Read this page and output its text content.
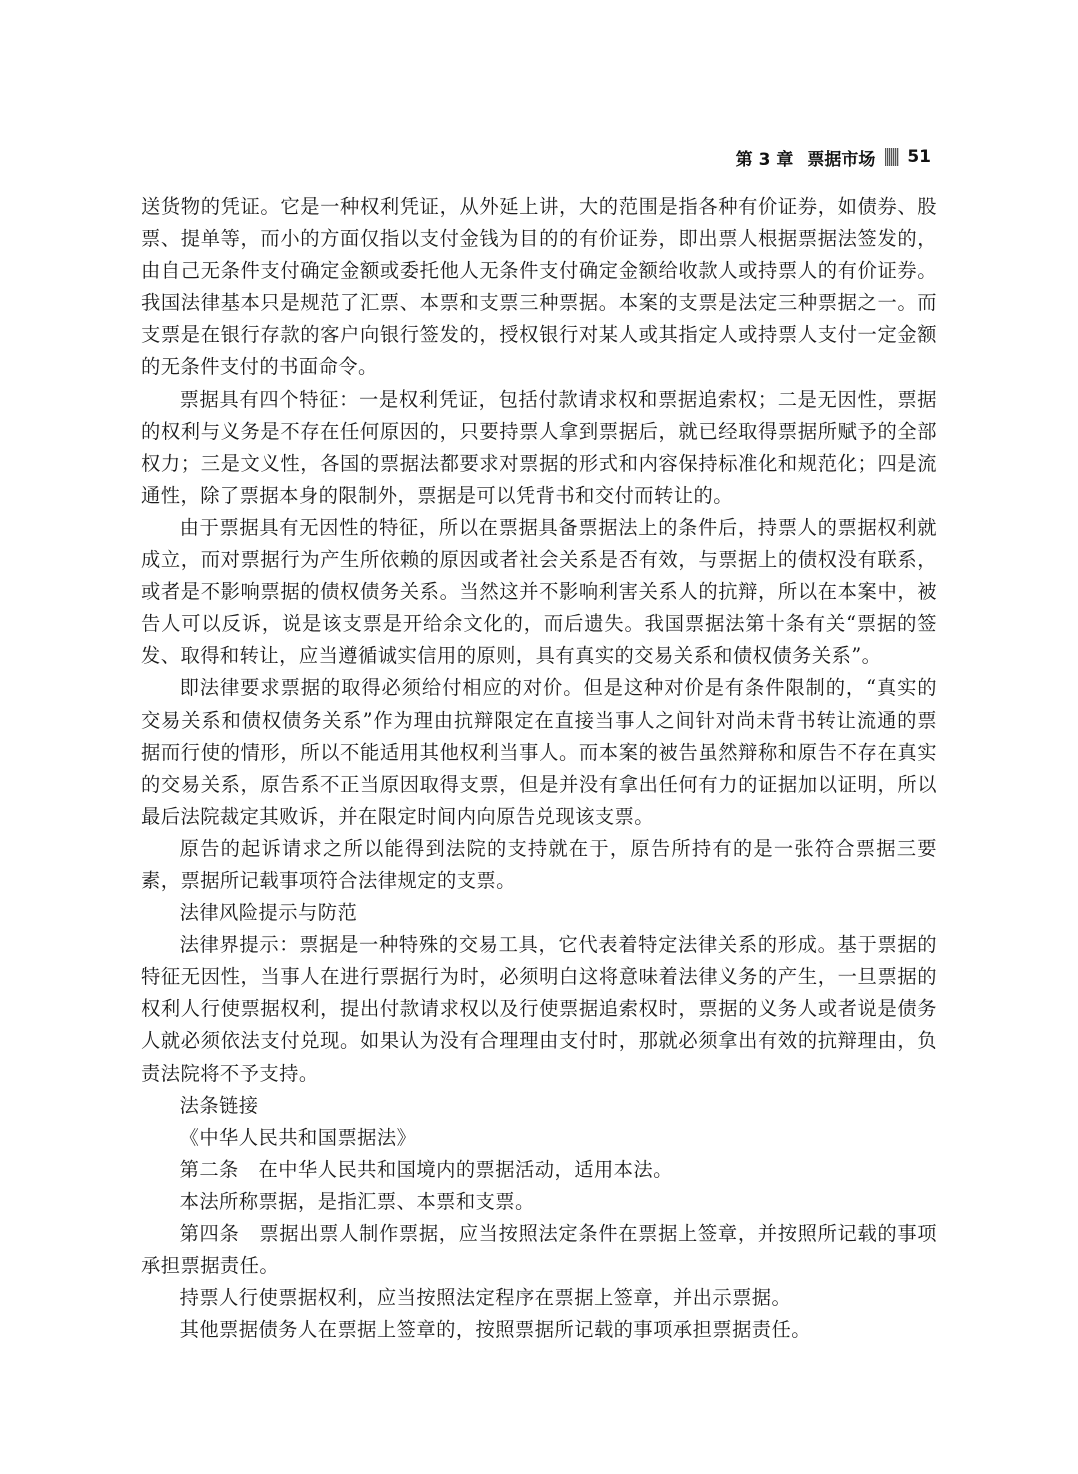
第 3 章 票据市场 51

送货物的凭证。它是一种权利凭证，从外延上讲，大的范围是指各种有价证券，如债券、股票、提单等，而小的方面仅指以支付金钱为目的的有价证券，即出票人根据票据法签发的，由自己无条件支付确定金额或委托他人无条件支付确定金额给收款人或持票人的有价证券。我国法律基本只是规范了汇票、本票和支票三种票据。本案的支票是法定三种票据之一。而支票是在银行存款的客户向银行签发的，授权银行对某人或其指定人或持票人支付一定金额的无条件支付的书面命令。

票据具有四个特征：一是权利凭证，包括付款请求权和票据追索权；二是无因性，票据的权利与义务是不存在任何原因的，只要持票人拿到票据后，就已经取得票据所赋予的全部权力；三是文义性，各国的票据法都要求对票据的形式和内容保持标准化和规范化；四是流通性，除了票据本身的限制外，票据是可以凭背书和交付而转让的。

由于票据具有无因性的特征，所以在票据具备票据法上的条件后，持票人的票据权利就成立，而对票据行为产生所依赖的原因或者社会关系是否有效，与票据上的债权没有联系，或者是不影响票据的债权债务关系。当然这并不影响利害关系人的抗辩，所以在本案中，被告人可以反诉，说是该支票是开给余文化的，而后遗失。我国票据法第十条有关“票据的签发、取得和转让，应当遵循诚实信用的原则，具有真实的交易关系和债权债务关系”。

即法律要求票据的取得必须给付相应的对价。但是这种对价是有条件限制的，“真实的交易关系和债权债务关系”作为理由抗辩限定在直接当事人之间针对尚未背书转让流通的票据而行使的情形，所以不能适用其他权利当事人。而本案的被告虽然辩称和原告不存在真实的交易关系，原告系不正当原因取得支票，但是并没有拿出任何有力的证据加以证明，所以最后法院裁定其败诉，并在限定时间内向原告兑现该支票。

原告的起诉请求之所以能得到法院的支持就在于，原告所持有的是一张符合票据三要素，票据所记载事项符合法律规定的支票。

法律风险提示与防范

法律界提示：票据是一种特殊的交易工具，它代表着特定法律关系的形成。基于票据的特征无因性，当事人在进行票据行为时，必须明白这将意味着法律义务的产生，一旦票据的权利人行使票据权利，提出付款请求权以及行使票据追索权时，票据的义务人或者说是债务人就必须依法支付兑现。如果认为没有合理理由支付时，那就必须拿出有效的抗辩理由，负责法院将不予支持。

法条链接

《中华人民共和国票据法》

第二条　在中华人民共和国境内的票据活动，适用本法。

本法所称票据，是指汇票、本票和支票。

第四条　票据出票人制作票据，应当按照法定条件在票据上签章，并按照所记载的事项承担票据责任。

持票人行使票据权利，应当按照法定程序在票据上签章，并出示票据。

其他票据债务人在票据上签章的，按照票据所记载的事项承担票据责任。
